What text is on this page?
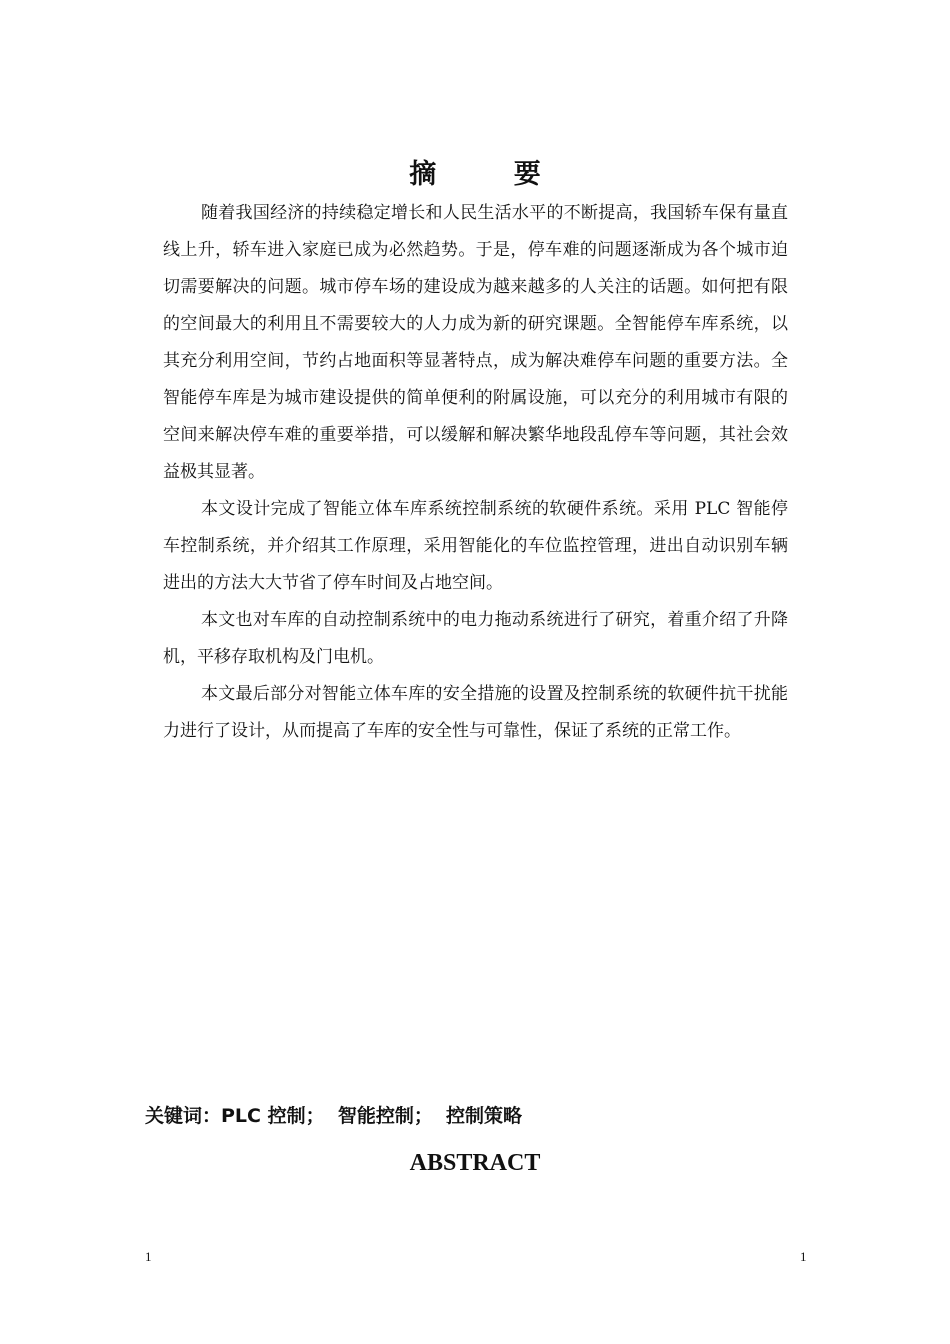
摘 要

随着我国经济的持续稳定增长和人民生活水平的不断提高，我国轿车保有量直线上升，轿车进入家庭已成为必然趋势。于是，停车难的问题逐渐成为各个城市迫切需要解决的问题。城市停车场的建设成为越来越多的人关注的话题。如何把有限的空间最大的利用且不需要较大的人力成为新的研究课题。全智能停车库系统，以其充分利用空间，节约占地面积等显著特点，成为解决难停车问题的重要方法。全智能停车库是为城市建设提供的简单便利的附属设施，可以充分的利用城市有限的空间来解决停车难的重要举措，可以缓解和解决繁华地段乱停车等问题，其社会效益极其显著。

本文设计完成了智能立体车库系统控制系统的软硬件系统。采用 PLC 智能停车控制系统，并介绍其工作原理，采用智能化的车位监控管理，进出自动识别车辆进出的方法大大节省了停车时间及占地空间。

本文也对车库的自动控制系统中的电力拖动系统进行了研究，着重介绍了升降机，平移存取机构及门电机。

本文最后部分对智能立体车库的安全措施的设置及控制系统的软硬件抗干扰能力进行了设计，从而提高了车库的安全性与可靠性，保证了系统的正常工作。

关键词：PLC 控制；  智能控制；  控制策略
ABSTRACT
1	1
